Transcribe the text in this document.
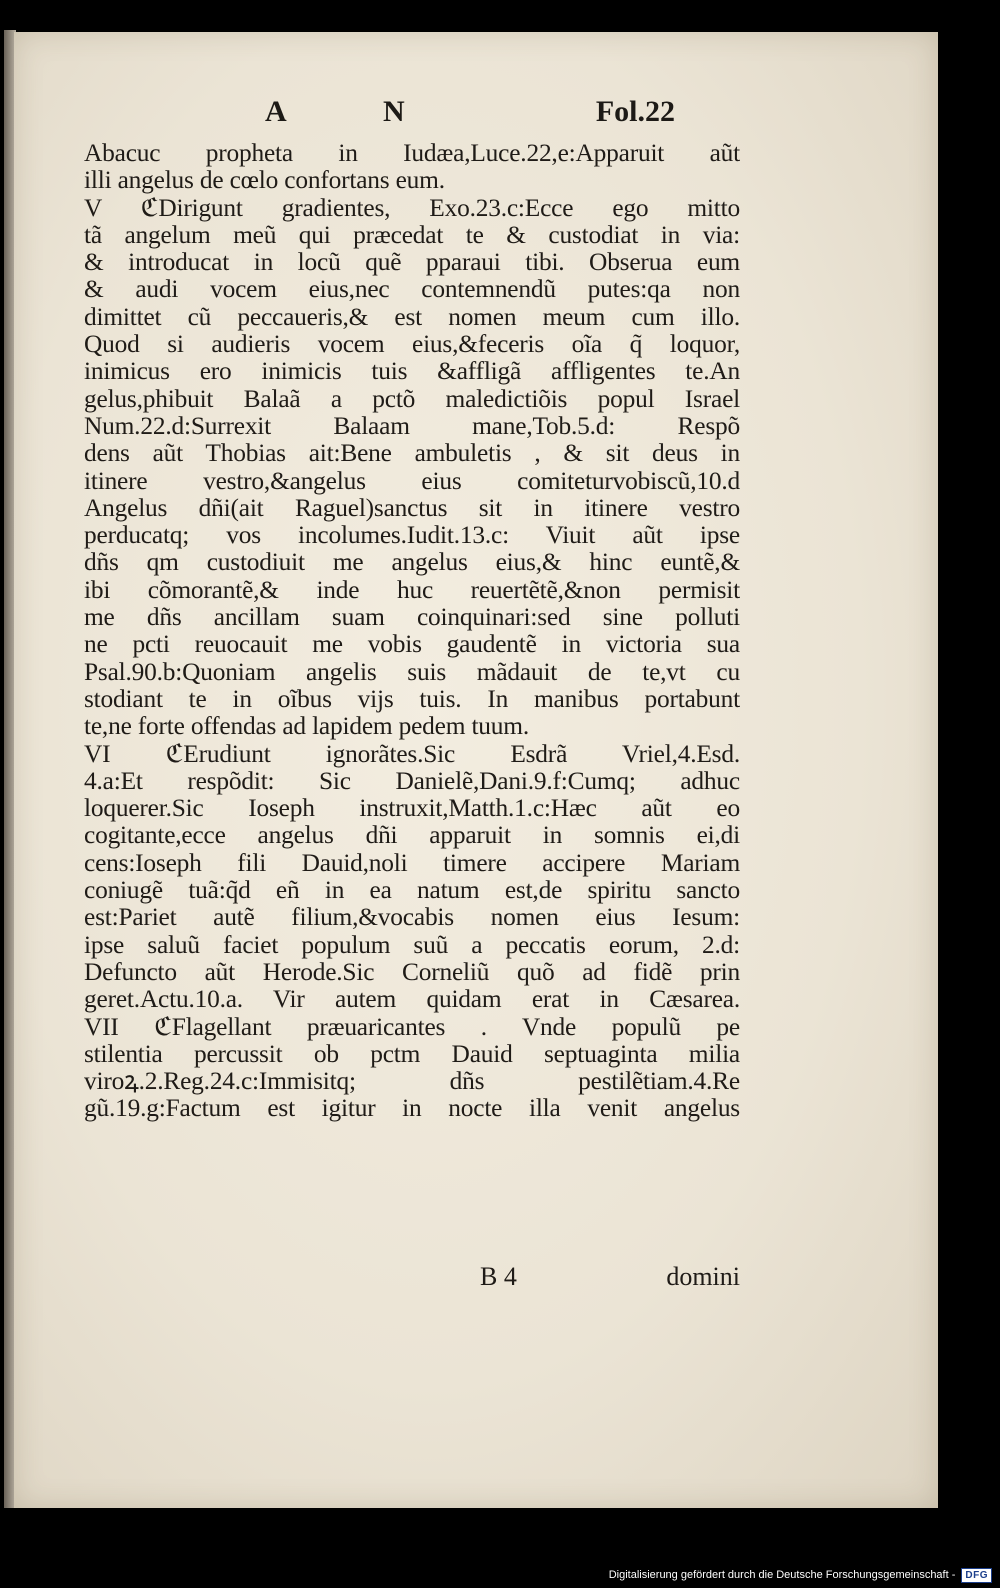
A	N	Fol.22
Abacuc propheta in Iudæa,Luce.22,e:Apparuit aũt
illi angelus de cœlo confortans eum.
V ℭDirigunt gradientes, Exo.23.c:Ecce ego mitto
tã angelum meũ qui præcedat te & custodiat in via:
& introducat in locũ quẽ pparaui tibi. Obserua eum
& audi vocem eius,nec contemnendũ putes:qa non
dimittet cũ peccaueris,& est nomen meum cum illo.
Quod si audieris vocem eius,&feceris oĩa q̃ loquor,
inimicus ero inimicis tuis &affligã affligentes te.An
gelus,phibuit Balaã a pctõ maledictiõis popul Israel
Num.22.d:Surrexit Balaam mane,Tob.5.d: Respõ
dens aũt Thobias ait:Bene ambuletis , & sit deus in
itinere vestro,&angelus eius comiteturvobiscũ,10.d
Angelus dñi(ait Raguel)sanctus sit in itinere vestro
perducatq; vos incolumes.Iudit.13.c: Viuit aũt ipse
dñs qm custodiuit me angelus eius,& hinc euntẽ,&
ibi cõmorantẽ,& inde huc reuertẽtẽ,&non permisit
me dñs ancillam suam coinquinari:sed sine polluti
ne pcti reuocauit me vobis gaudentẽ in victoria sua
Psal.90.b:Quoniam angelis suis mãdauit de te,vt cu
stodiant te in oĩbus vijs tuis. In manibus portabunt
te,ne forte offendas ad lapidem pedem tuum.
VI ℭErudiunt ignorãtes.Sic Esdrã Vriel,4.Esd.
4.a:Et respõdit: Sic Danielẽ,Dani.9.f:Cumq; adhuc
loquerer.Sic Ioseph instruxit,Matth.1.c:Hæc aũt eo
cogitante,ecce angelus dñi apparuit in somnis ei,di
cens:Ioseph fili Dauid,noli timere accipere Mariam
coniugẽ tuã:q̃d eñ in ea natum est,de spiritu sancto
est:Pariet autẽ filium,&vocabis nomen eius Iesum:
ipse saluũ faciet populum suũ a peccatis eorum, 2.d:
Defuncto aũt Herode.Sic Corneliũ quõ ad fidẽ prin
geret.Actu.10.a. Vir autem quidam erat in Cæsarea.
VII ℭFlagellant præuaricantes . Vnde populũ pe
stilentia percussit ob pctm Dauid septuaginta milia
viroꝝ.2.Reg.24.c:Immisitq; dñs pestilẽtiam.4.Re
gũ.19.g:Factum est igitur in nocte illa venit angelus
B 4	domini
Digitalisierung gefördert durch die Deutsche Forschungsgemeinschaft -	DFG
